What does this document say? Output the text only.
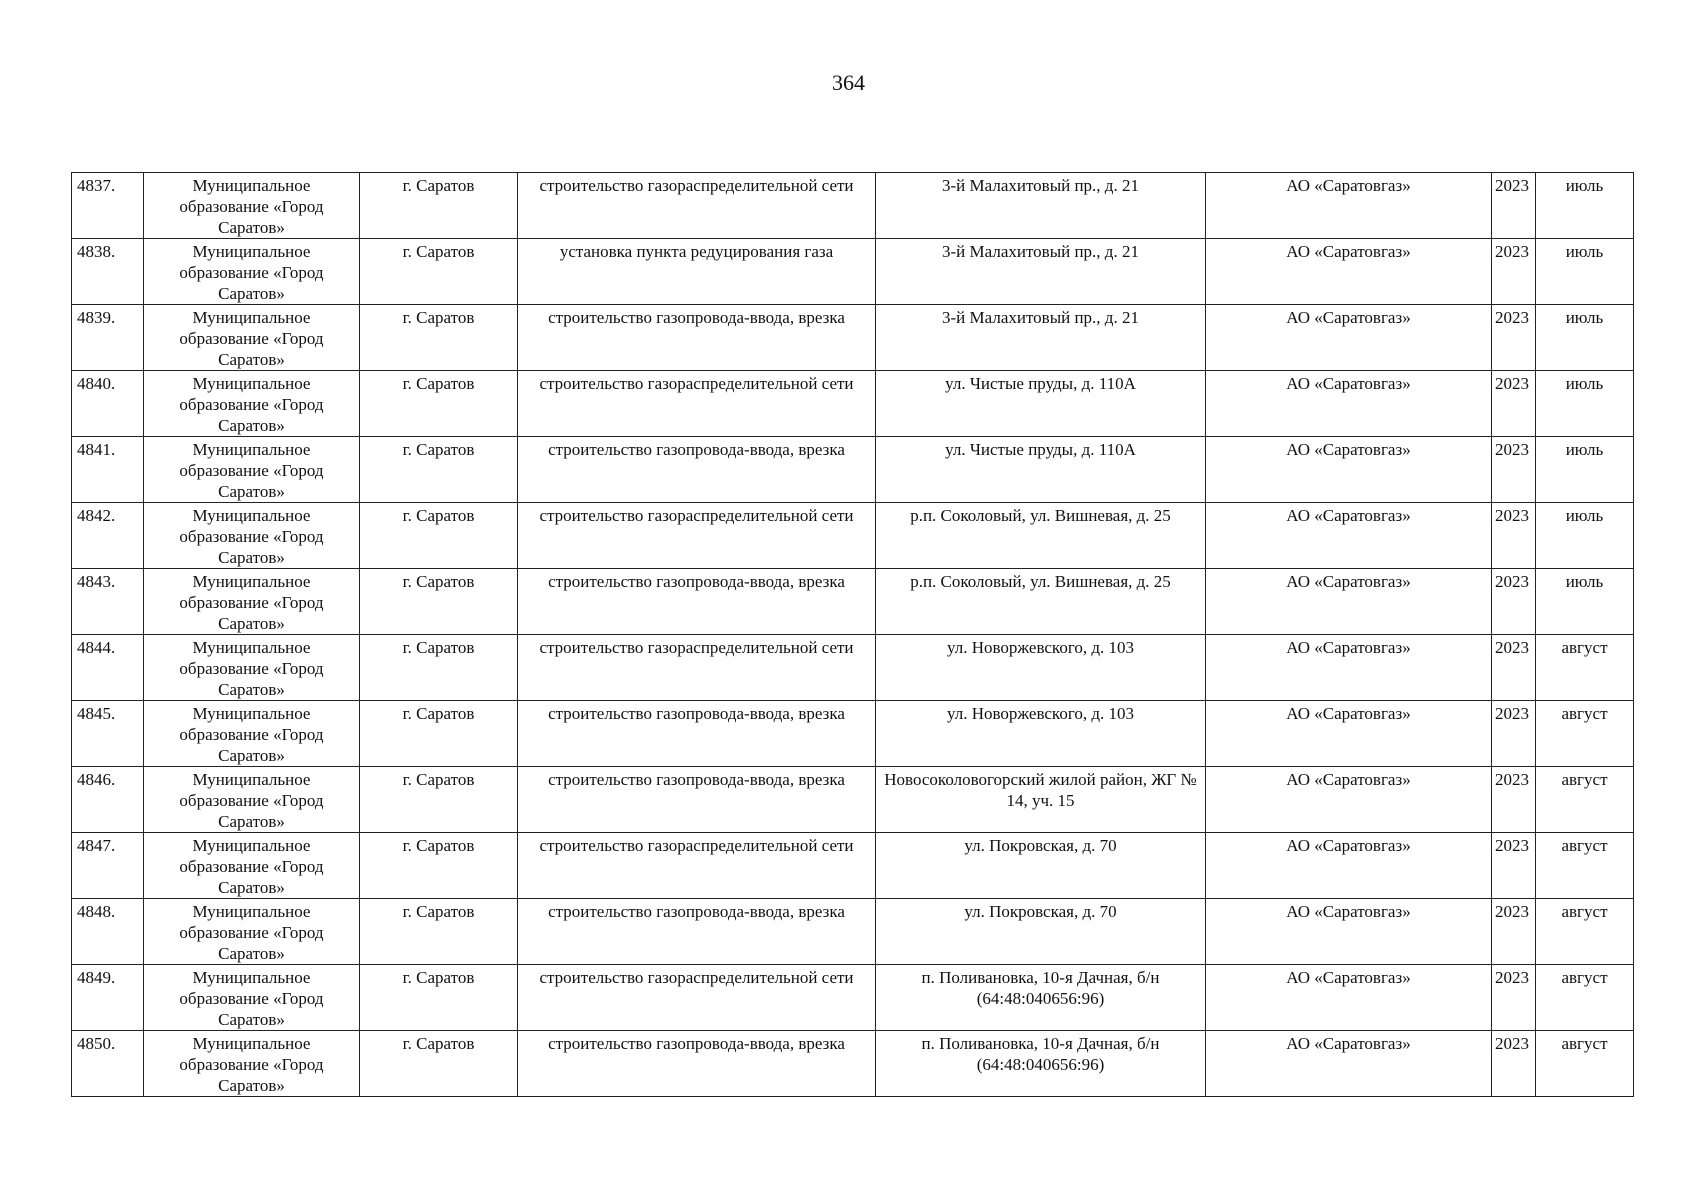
364
4837.	Муниципальное образование «Город Саратов»	г. Саратов	строительство газораспределительной сети	3-й Малахитовый пр., д. 21	АО «Саратовгаз»	2023	июль
4838.	Муниципальное образование «Город Саратов»	г. Саратов	установка пункта редуцирования газа	3-й Малахитовый пр., д. 21	АО «Саратовгаз»	2023	июль
4839.	Муниципальное образование «Город Саратов»	г. Саратов	строительство газопровода-ввода, врезка	3-й Малахитовый пр., д. 21	АО «Саратовгаз»	2023	июль
4840.	Муниципальное образование «Город Саратов»	г. Саратов	строительство газораспределительной сети	ул. Чистые пруды, д. 110А	АО «Саратовгаз»	2023	июль
4841.	Муниципальное образование «Город Саратов»	г. Саратов	строительство газопровода-ввода, врезка	ул. Чистые пруды, д. 110А	АО «Саратовгаз»	2023	июль
4842.	Муниципальное образование «Город Саратов»	г. Саратов	строительство газораспределительной сети	р.п. Соколовый, ул. Вишневая, д. 25	АО «Саратовгаз»	2023	июль
4843.	Муниципальное образование «Город Саратов»	г. Саратов	строительство газопровода-ввода, врезка	р.п. Соколовый, ул. Вишневая, д. 25	АО «Саратовгаз»	2023	июль
4844.	Муниципальное образование «Город Саратов»	г. Саратов	строительство газораспределительной сети	ул. Новоржевского, д. 103	АО «Саратовгаз»	2023	август
4845.	Муниципальное образование «Город Саратов»	г. Саратов	строительство газопровода-ввода, врезка	ул. Новоржевского, д. 103	АО «Саратовгаз»	2023	август
4846.	Муниципальное образование «Город Саратов»	г. Саратов	строительство газопровода-ввода, врезка	Новосоколовогорский жилой район, ЖГ № 14, уч. 15	АО «Саратовгаз»	2023	август
4847.	Муниципальное образование «Город Саратов»	г. Саратов	строительство газораспределительной сети	ул. Покровская, д. 70	АО «Саратовгаз»	2023	август
4848.	Муниципальное образование «Город Саратов»	г. Саратов	строительство газопровода-ввода, врезка	ул. Покровская, д. 70	АО «Саратовгаз»	2023	август
4849.	Муниципальное образование «Город Саратов»	г. Саратов	строительство газораспределительной сети	п. Поливановка, 10-я Дачная, б/н (64:48:040656:96)	АО «Саратовгаз»	2023	август
4850.	Муниципальное образование «Город Саратов»	г. Саратов	строительство газопровода-ввода, врезка	п. Поливановка, 10-я Дачная, б/н (64:48:040656:96)	АО «Саратовгаз»	2023	август
